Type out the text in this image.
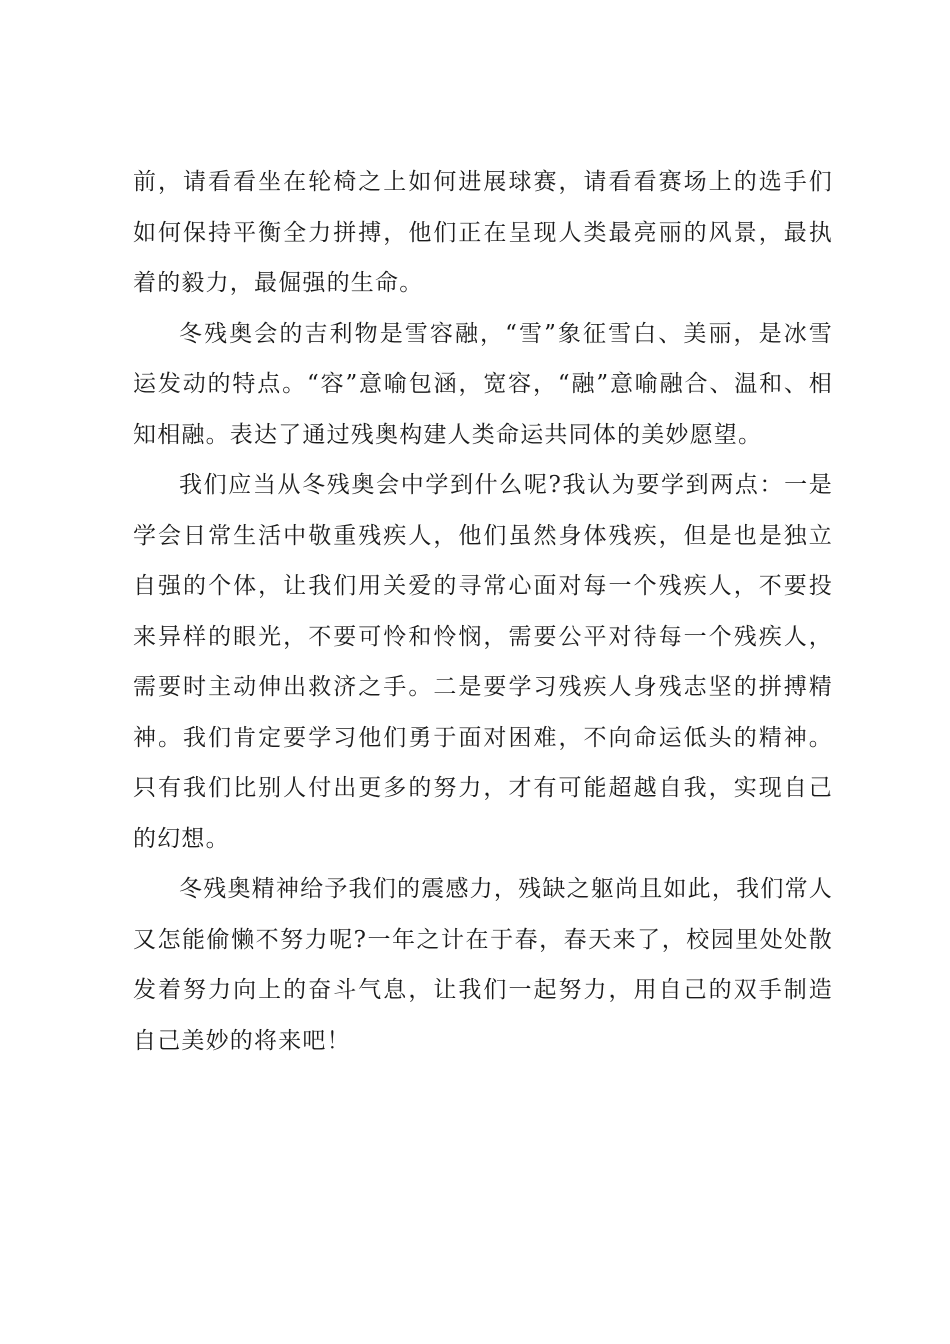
前，请看看坐在轮椅之上如何进展球赛，请看看赛场上的选手们如何保持平衡全力拼搏，他们正在呈现人类最亮丽的风景，最执着的毅力，最倔强的生命。

冬残奥会的吉利物是雪容融，“雪”象征雪白、美丽，是冰雪运发动的特点。“容”意喻包涵，宽容，“融”意喻融合、温和、相知相融。表达了通过残奥构建人类命运共同体的美妙愿望。

我们应当从冬残奥会中学到什么呢?我认为要学到两点：一是学会日常生活中敬重残疾人，他们虽然身体残疾，但是也是独立自强的个体，让我们用关爱的寻常心面对每一个残疾人，不要投来异样的眼光，不要可怜和怜悯，需要公平对待每一个残疾人，需要时主动伸出救济之手。二是要学习残疾人身残志坚的拼搏精神。我们肯定要学习他们勇于面对困难，不向命运低头的精神。只有我们比别人付出更多的努力，才有可能超越自我，实现自己的幻想。

冬残奥精神给予我们的震感力，残缺之躯尚且如此，我们常人又怎能偷懒不努力呢?一年之计在于春，春天来了，校园里处处散发着努力向上的奋斗气息，让我们一起努力，用自己的双手制造自己美妙的将来吧！
